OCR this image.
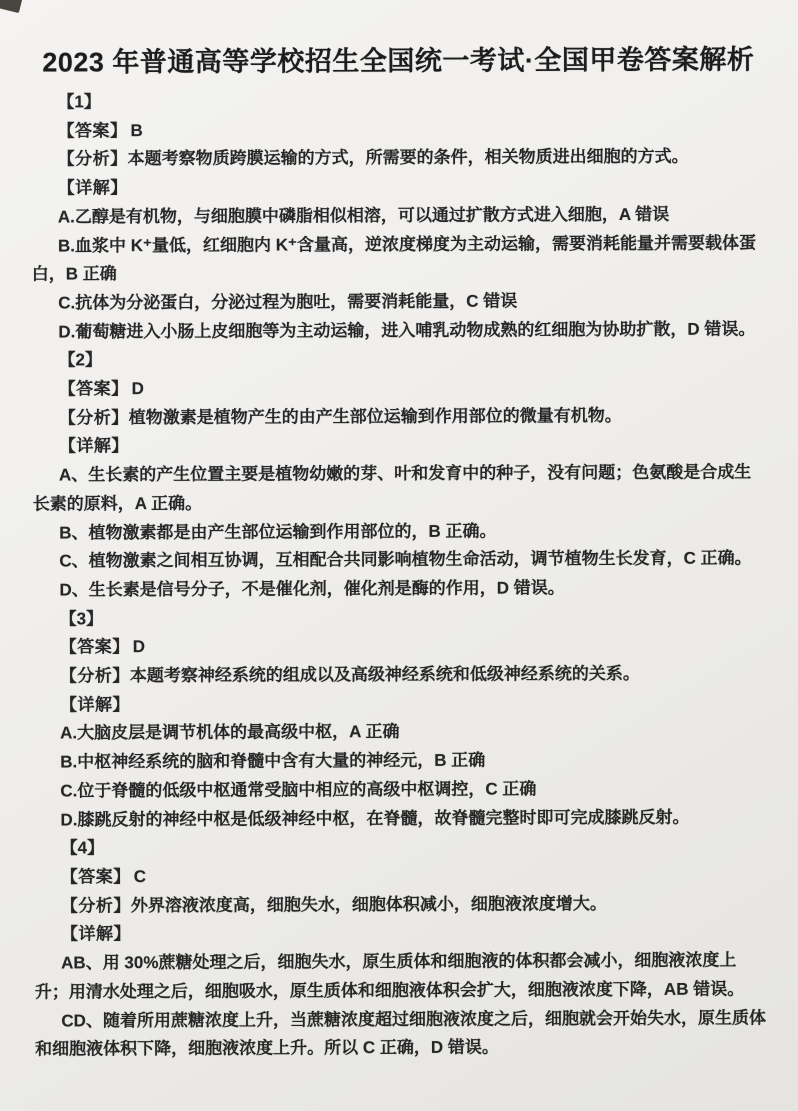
2023 年普通高等学校招生全国统一考试·全国甲卷答案解析

【1】

【答案】 B

【分析】本题考察物质跨膜运输的方式，所需要的条件，相关物质进出细胞的方式。

【详解】

A.乙醇是有机物，与细胞膜中磷脂相似相溶，可以通过扩散方式进入细胞，A 错误

B.血浆中 K⁺量低，红细胞内 K⁺含量高，逆浓度梯度为主动运输，需要消耗能量并需要载体蛋白，B 正确

C.抗体为分泌蛋白，分泌过程为胞吐，需要消耗能量，C 错误

D.葡萄糖进入小肠上皮细胞等为主动运输，进入哺乳动物成熟的红细胞为协助扩散，D 错误。

【2】

【答案】 D

【分析】植物激素是植物产生的由产生部位运输到作用部位的微量有机物。

【详解】

A、生长素的产生位置主要是植物幼嫩的芽、叶和发育中的种子，没有问题；色氨酸是合成生长素的原料，A 正确。

B、植物激素都是由产生部位运输到作用部位的，B 正确。

C、植物激素之间相互协调，互相配合共同影响植物生命活动，调节植物生长发育，C 正确。

D、生长素是信号分子，不是催化剂，催化剂是酶的作用，D 错误。

【3】

【答案】 D

【分析】本题考察神经系统的组成以及高级神经系统和低级神经系统的关系。

【详解】

A.大脑皮层是调节机体的最高级中枢，A 正确

B.中枢神经系统的脑和脊髓中含有大量的神经元，B 正确

C.位于脊髓的低级中枢通常受脑中相应的高级中枢调控，C 正确

D.膝跳反射的神经中枢是低级神经中枢，在脊髓，故脊髓完整时即可完成膝跳反射。

【4】

【答案】 C

【分析】外界溶液浓度高，细胞失水，细胞体积减小，细胞液浓度增大。

【详解】

AB、用 30%蔗糖处理之后，细胞失水，原生质体和细胞液的体积都会减小，细胞液浓度上升；用清水处理之后，细胞吸水，原生质体和细胞液体积会扩大，细胞液浓度下降，AB 错误。

CD、随着所用蔗糖浓度上升，当蔗糖浓度超过细胞液浓度之后，细胞就会开始失水，原生质体和细胞液体积下降，细胞液浓度上升。所以 C 正确，D 错误。
